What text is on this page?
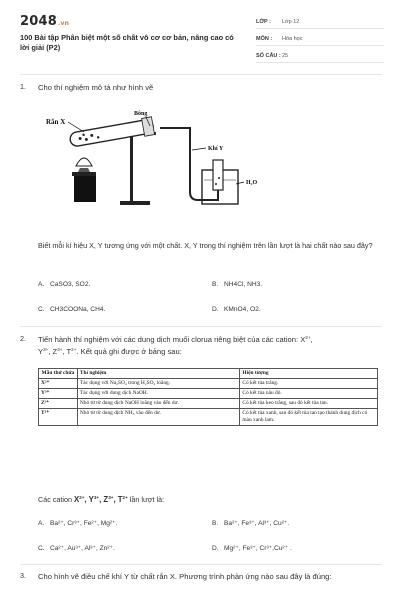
2048.vn
100 Bài tập Phân biệt một số chất vô cơ cơ bản, nâng cao có lời giải (P2)
LỚP : Lớp 12
MÔN : Hóa học
SỐ CÂU : 25
1. Cho thí nghiệm mô tả như hình vẽ
Rắn X
Bông
Khí Y
H₂O
Biết mỗi kí hiệu X, Y tương ứng với một chất. X, Y trong thí nghiệm trên lần lượt là hai chất nào sau đây?
A. CaSO3, SO2.	B. NH4Cl, NH3.
C. CH3COONa, CH4.	D. KMnO4, O2.
2. Tiến hành thí nghiệm với các dung dịch muối clorua riêng biệt của các cation: $X^{2+}$,
$Y^{3+}$, $Z^{3+}$, $T^{2+}$. Kết quả ghi được ở bảng sau:
Mẫu thử chứa	Thí nghiệm	Hiện tượng
X²⁺	Tác dụng với Na₂SO₄ trong H₂SO₄ loãng.	Có kết tủa trắng.
Y³⁺	Tác dụng với dung dịch NaOH.	Có kết tủa nâu đỏ.
Z³⁺	Nhỏ từ từ dung dịch NaOH loãng vào đến dư.	Có kết tủa keo trắng, sau đó kết tủa tan.
T²⁺	Nhỏ từ từ dung dịch NH₃ vào đến dư.	Có kết tủa xanh, sau đó kết tủa tan tạo thành dung dịch có màu xanh lam.
Các cation $X^{2+}$, $Y^{3+}$, $Z^{3+}$, $T^{2+}$ lần lượt là:
A. Ba²⁺, Cr³⁺, Fe²⁺, Mg²⁺.	B. Ba²⁺, Fe³⁺, Al³⁺, Cu²⁺.
C. Ca²⁺, Au³⁺, Al³⁺, Zn²⁺.	D. Mg²⁺, Fe³⁺, Cr³⁺,Cu²⁺ .
3. Cho hình vẽ điều chế khí Y từ chất rắn X. Phương trình phản ứng nào sau đây là đúng:
